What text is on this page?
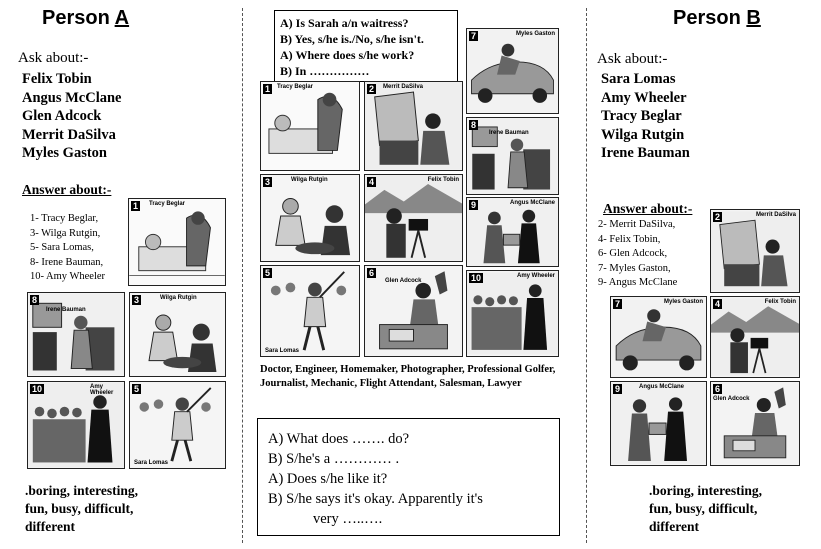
Person A
Ask about:-
Felix Tobin
Angus McClane
Glen Adcock
Merrit DaSilva
Myles Gaston
Answer about:-
1- Tracy Beglar,
3- Wilga Rutgin,
5- Sara Lomas,
8- Irene Bauman,
10- Amy Wheeler
1	Tracy Beglar
8
Irene Bauman
3	Wilga Rutgin
10	Amy Wheeler	5
Sara Lomas
.boring, interesting,
fun, busy, difficult,
different
A) Is Sarah a/n waitress?
B) Yes, s/he is./No, s/he isn't.
A) Where does s/he work?
B) In ……………
7	Myles Gaston
1	Tracy Beglar	2	Merrit DaSilva
8
Irene Bauman
3	Wilga Rutgin	4	Felix Tobin
9	Angus McClane
5
Sara Lomas
6
Glen Adcock	10	Amy Wheeler
Doctor, Engineer, Homemaker, Photographer, Professional Golfer, Journalist, Mechanic, Flight Attendant, Salesman, Lawyer
A) What does ……. do?
B) S/he's a ………… .
A) Does s/he like it?
B) S/he says it's okay. Apparently it's
very …..….
Person B
Ask about:-
Sara Lomas
Amy Wheeler
Tracy Beglar
Wilga Rutgin
Irene Bauman
Answer about:-
2- Merrit DaSilva,
4- Felix Tobin,
6- Glen Adcock,
7- Myles Gaston,
9- Angus McClane
2	Merrit DaSilva
7	Myles Gaston 4	Felix Tobin
9	Angus McClane	6
Glen Adcock
.boring, interesting,
fun, busy, difficult,
different
